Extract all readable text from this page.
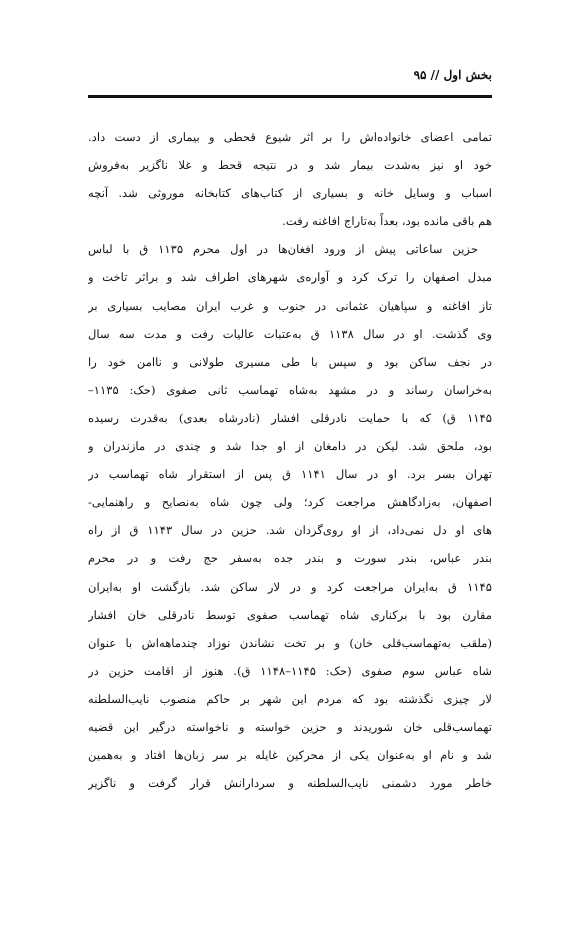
بخش اول // ۹۵
تمامی اعضای خانواده‌اش را بر اثر شیوع قحطی و بیماری از دست داد.
خود او نیز به‌شدت بیمار شد و در نتیجه قحط و غلا ناگزیر به‌فروش
اسباب و وسایل خانه و بسیاری از کتاب‌های کتابخانه موروثی شد. آنچه
هم باقی مانده بود، بعداً به‌تاراج افاغنه رفت.
حزین ساعاتی پیش از ورود افغان‌ها در اول محرم ۱۱۳۵ ق با لباس
مبدل اصفهان را ترک کرد و آواره‌ی شهرهای اطراف شد و براثر تاخت و
تاز افاغنه و سپاهیان عثمانی در جنوب و غرب ایران مصایب بسیاری بر
وی گذشت. او در سال ۱۱۳۸ ق به‌عتبات عالیات رفت و مدت سه سال
در نجف ساکن بود و سپس با طی مسیری طولانی و ناامن خود را
به‌خراسان رساند و در مشهد به‌شاه تهماسب ثانی صفوی (حک: ۱۱۳۵–
۱۱۴۵ ق) که با حمایت نادرقلی افشار (نادرشاه بعدی) به‌قدرت رسیده
بود، ملحق شد. لیکن در دامغان از او جدا شد و چندی در مازندران و
تهران بسر برد. او در سال ۱۱۴۱ ق پس از استقرار شاه تهماسب در
اصفهان، به‌زادگاهش مراجعت کرد؛ ولی چون شاه به‌نصایح و راهنمایی-
های او دل نمی‌داد، از او روی‌گردان شد. حزین در سال ۱۱۴۳ ق از راه
بندر عباس، بندر سورت و بندر جده به‌سفر حج رفت و در محرم
۱۱۴۵ ق به‌ایران مراجعت کرد و در لار ساکن شد. بازگشت او به‌ایران
مقارن بود با برکناری شاه تهماسب صفوی توسط نادرقلی خان افشار
(ملقب به‌تهماسب‌قلی خان) و بر تخت نشاندن نوزاد چندماهه‌اش با عنوان
شاه عباس سوم صفوی (حک: ۱۱۴۵–۱۱۴۸ ق). هنوز از اقامت حزین در
لار چیزی نگذشته بود که مردم این شهر بر حاکم منصوب نایب‌السلطنه
تهماسب‌قلی خان شوریدند و حزین خواسته و ناخواسته درگیر این قضیه
شد و نام او به‌عنوان یکی از محرکین غایله بر سر زبان‌ها افتاد و به‌همین
خاطر مورد دشمنی نایب‌السلطنه و سردارانش قرار گرفت و ناگزیر
